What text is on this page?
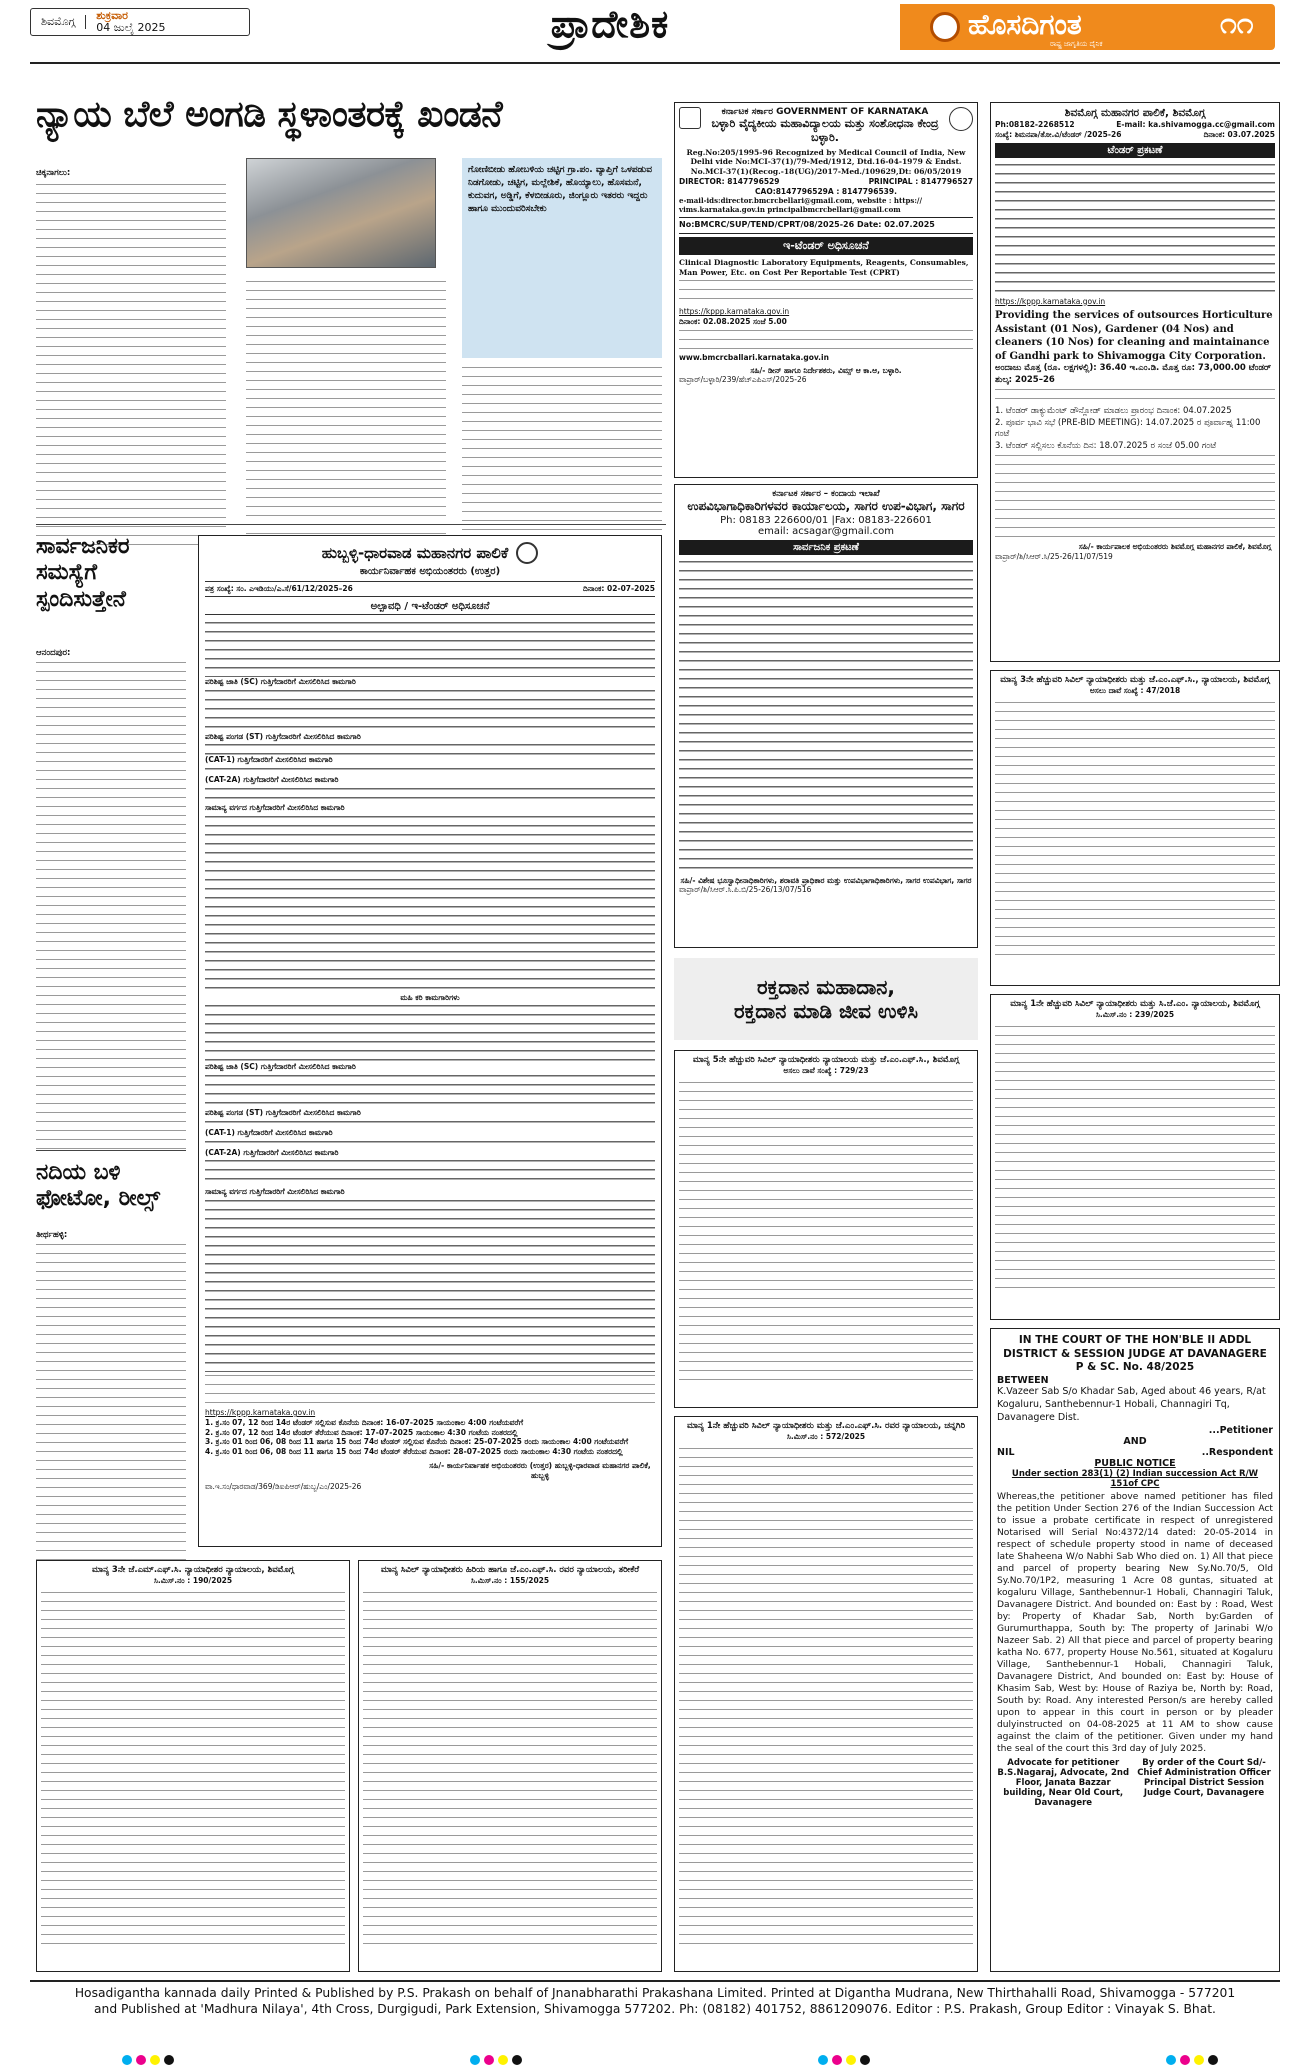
ಶಿವಮೊಗ್ಗ	ಶುಕ್ರವಾರ
04 ಜುಲೈ 2025	ಪ್ರಾದೇಶಿಕ	ಹೊಸದಿಗಂತ
ರಾಷ್ಟ್ರ ಜಾಗೃತಿಯ ದೈನಿಕ
೧೧
ನ್ಯಾಯ ಬೆಲೆ ಅಂಗಡಿ ಸ್ಥಳಾಂತರಕ್ಕೆ ಖಂಡನೆ
ಚಿಕ್ಕನಾಗಲು:	ಗೋಣಿಬೀಡು ಹೋಬಳಿಯ ಚಟ್ಟಿಗ ಗ್ರಾ.ಪಂ. ವ್ಯಾಪ್ತಿಗೆ ಒಳಪಡುವ ನಿಡಗೋಡು, ಚಟ್ಟಿಗ, ಮಲ್ಲೇಶಿಕೆ, ಹೊಯ್ಯಾಲು, ಹೊಸಮನೆ, ಕುದುವಗ, ಅಡ್ಡಿಗೆ, ಕೆಳಬೀಡೂರು, ಜಿಂಗ್ಲೂರು ಇತರರು ಇದ್ದರು ಹಾಗೂ ಮುಂದುವರಿಸಬೇಕು
ಸಾರ್ವಜನಿಕರ ಸಮಸ್ಯೆಗೆ ಸ್ಪಂದಿಸುತ್ತೇನೆ
ಆನಂದಪುರ:
ನದಿಯ ಬಳಿ ಫೋಟೋ, ರೀಲ್ಸ್
ತೀರ್ಥಹಳ್ಳಿ:
ಹುಬ್ಬಳ್ಳಿ-ಧಾರವಾಡ ಮಹಾನಗರ ಪಾಲಿಕೆ
ಕಾರ್ಯನಿರ್ವಾಹಕ ಅಭಿಯಂತರರು (ಉತ್ತರ)
ಪತ್ರ ಸಂಖ್ಯೆ: ಸಂ. ಎಇಡಿಯು/ಎ.ಸೆ/61/12/2025–26	ದಿನಾಂಕ: 02-07-2025
ಅಲ್ಪಾವಧಿ / ಇ-ಟೆಂಡರ್ ಅಧಿಸೂಚನೆ
ಪರಿಶಿಷ್ಟ ಜಾತಿ (SC) ಗುತ್ತಿಗೆದಾರರಿಗೆ ಮೀಸಲಿರಿಸಿದ ಕಾಮಗಾರಿ
ಪರಿಶಿಷ್ಟ ಪಂಗಡ (ST) ಗುತ್ತಿಗೆದಾರರಿಗೆ ಮೀಸಲಿರಿಸಿದ ಕಾಮಗಾರಿ
(CAT-1) ಗುತ್ತಿಗೆದಾರರಿಗೆ ಮೀಸಲಿರಿಸಿದ ಕಾಮಗಾರಿ
(CAT-2A) ಗುತ್ತಿಗೆದಾರರಿಗೆ ಮೀಸಲಿರಿಸಿದ ಕಾಮಗಾರಿ
ಸಾಮಾನ್ಯ ವರ್ಗದ ಗುತ್ತಿಗೆದಾರರಿಗೆ ಮೀಸಲಿರಿಸಿದ ಕಾಮಗಾರಿ
ಮಹಿ ಕರಿ ಕಾಮಗಾರಿಗಳು
ಪರಿಶಿಷ್ಟ ಜಾತಿ (SC) ಗುತ್ತಿಗೆದಾರರಿಗೆ ಮೀಸಲಿರಿಸಿದ ಕಾಮಗಾರಿ
ಪರಿಶಿಷ್ಟ ಪಂಗಡ (ST) ಗುತ್ತಿಗೆದಾರರಿಗೆ ಮೀಸಲಿರಿಸಿದ ಕಾಮಗಾರಿ
(CAT-1) ಗುತ್ತಿಗೆದಾರರಿಗೆ ಮೀಸಲಿರಿಸಿದ ಕಾಮಗಾರಿ
(CAT-2A) ಗುತ್ತಿಗೆದಾರರಿಗೆ ಮೀಸಲಿರಿಸಿದ ಕಾಮಗಾರಿ
ಸಾಮಾನ್ಯ ವರ್ಗದ ಗುತ್ತಿಗೆದಾರರಿಗೆ ಮೀಸಲಿರಿಸಿದ ಕಾಮಗಾರಿ
https://kppp.karnataka.gov.in
1. ಕ್ರ.ಸಂ 07, 12 ರಿಂದ 14ರ ಟೆಂಡರ್ ಸಲ್ಲಿಸುವ ಕೊನೆಯ ದಿನಾಂಕ: 16-07-2025 ಸಾಯಂಕಾಲ 4:00 ಗಂಟೆಯವರೆಗೆ
2. ಕ್ರ.ಸಂ 07, 12 ರಿಂದ 14ರ ಟೆಂಡರ್ ತೆರೆಯುವ ದಿನಾಂಕ: 17-07-2025 ಸಾಯಂಕಾಲ 4:30 ಗಂಟೆಯ ನಂತರದಲ್ಲಿ
3. ಕ್ರ.ಸಂ 01 ರಿಂದ 06, 08 ರಿಂದ 11 ಹಾಗೂ 15 ರಿಂದ 74ರ ಟೆಂಡರ್ ಸಲ್ಲಿಸುವ ಕೊನೆಯ ದಿನಾಂಕ: 25-07-2025 ರಂದು ಸಾಯಂಕಾಲ 4:00 ಗಂಟೆಯವರೆಗೆ
4. ಕ್ರ.ಸಂ 01 ರಿಂದ 06, 08 ರಿಂದ 11 ಹಾಗೂ 15 ರಿಂದ 74ರ ಟೆಂಡರ್ ತೆರೆಯುವ ದಿನಾಂಕ: 28-07-2025 ರಂದು ಸಾಯಂಕಾಲ 4:30 ಗಂಟೆಯ ನಂತರದಲ್ಲಿ
ಸಹಿ/- ಕಾರ್ಯನಿರ್ವಾಹಕ ಅಭಿಯಂತರರು (ಉತ್ತರ) ಹುಬ್ಬಳ್ಳಿ-ಧಾರವಾಡ ಮಹಾನಗರ ಪಾಲಿಕೆ, ಹುಬ್ಬಳ್ಳಿ
ವಾ.ಇ.ಸಂ/ಧಾರವಾಡ/369/ಡಿಐಪಿಆರ್/ಹುಬ್ಬ/ಎಂ/2025-26
ಕರ್ನಾಟಕ ಸರ್ಕಾರ GOVERNMENT OF KARNATAKA
ಬಳ್ಳಾರಿ ವೈದ್ಯಕೀಯ ಮಹಾವಿದ್ಯಾಲಯ ಮತ್ತು ಸಂಶೋಧನಾ ಕೇಂದ್ರ ಬಳ್ಳಾರಿ.
Reg.No:205/1995-96 Recognized by Medical Council of India, New Delhi vide No:MCI-37(1)/79-Med/1912, Dtd.16-04-1979 & Endst. No.MCI-37(1)(Recog.-18(UG)/2017-Med./109629,Dt: 06/05/2019
DIRECTOR: 8147796529	PRINCIPAL : 8147796527
CAO:8147796529A : 8147796539.
e-mail-ids:director.bmcrcbellari@gmail.com, website : https:// vims.karnataka.gov.in principalbmcrcbellari@gmail.com
No:BMCRC/SUP/TEND/CPRT/08/2025-26 Date: 02.07.2025
ಇ-ಟೆಂಡರ್ ಅಧಿಸೂಚನೆ
Clinical Diagnostic Laboratory Equipments, Reagents, Consumables, Man Power, Etc. on Cost Per Reportable Test (CPRT)
https://kppp.karnataka.gov.in
ದಿನಾಂಕ: 02.08.2025 ಸಂಜೆ 5.00
www.bmcrcballari.karnataka.gov.in
ಸಹಿ/- ಡೀನ್ ಹಾಗೂ ನಿರ್ದೇಶಕರು, ವಿಮ್ಸ್ ಆ ಕಾ.ಆ, ಬಳ್ಳಾರಿ.
ವಾಪ್ರಾರ್/ಬಳ್ಳಾರಿ/239/ಹೆಚ್ಎಪಿಎಸ್/2025-26
ಕರ್ನಾಟಕ ಸರ್ಕಾರ – ಕಂದಾಯ ಇಲಾಖೆ
ಉಪವಿಭಾಗಾಧಿಕಾರಿಗಳವರ ಕಾರ್ಯಾಲಯ, ಸಾಗರ ಉಪ-ವಿಭಾಗ, ಸಾಗರ
Ph: 08183 226600/01 |Fax: 08183-226601
email: acsagar@gmail.com
ಸಾರ್ವಜನಿಕ ಪ್ರಕಟಣೆ
ಸಹಿ/- ವಿಶೇಷ ಭೂಸ್ವಾಧೀನಾಧಿಕಾರಿಗಳು, ಶರಾವತಿ ಪ್ರಾಧಿಕಾರ ಮತ್ತು ಉಪವಿಭಾಗಾಧಿಕಾರಿಗಳು, ಸಾಗರ ಉಪವಿಭಾಗ, ಸಾಗರ
ವಾಪ್ರಾರ್/ಶಿ/ಸಿಆರ್.ಸಿ.ಪಿ.ಬಿ/25-26/13/07/516
ರಕ್ತದಾನ ಮಹಾದಾನ,
ರಕ್ತದಾನ ಮಾಡಿ ಜೀವ ಉಳಿಸಿ
ಶಿವಮೊಗ್ಗ ಮಹಾನಗರ ಪಾಲಿಕೆ, ಶಿವಮೊಗ್ಗ
Ph:08182-2268512	E-mail: ka.shivamogga.cc@gmail.com
ಸಂಖ್ಯೆ: ಶಿಮನಪಾ/ತೋ.ವಿ/ಟೆಂಡರ್ /2025-26	ದಿನಾಂಕ: 03.07.2025
ಟೆಂಡರ್ ಪ್ರಕಟಣೆ
https://kppp.karnataka.gov.in
Providing the services of outsources Horticulture Assistant (01 Nos), Gardener (04 Nos) and cleaners (10 Nos) for cleaning and maintainance of Gandhi park to Shivamogga City Corporation.
ಅಂದಾಜು ಮೊತ್ತ (ರೂ. ಲಕ್ಷಗಳಲ್ಲಿ): 36.40 ಇ.ಎಂ.ಡಿ. ಮೊತ್ತ ರೂ: 73,000.00 ಟೆಂಡರ್ ಶುಲ್ಕ: 2025–26
1. ಟೆಂಡರ್ ಡಾಕ್ಯುಮೆಂಟ್ ಡೌನ್ಲೋಡ್ ಮಾಡಲು ಪ್ರಾರಂಭ ದಿನಾಂಕ: 04.07.2025
2. ಪೂರ್ವ ಭಾವಿ ಸಭೆ (PRE-BID MEETING): 14.07.2025 ರ ಪೂರ್ವಾಹ್ನ 11:00 ಗಂಟೆ
3. ಟೆಂಡರ್ ಸಲ್ಲಿಸಲು ಕೊನೆಯ ದಿನ: 18.07.2025 ರ ಸಂಜೆ 05.00 ಗಂಟೆ
ಸಹಿ/- ಕಾರ್ಯಪಾಲಕ ಅಭಿಯಂತರರು ಶಿವಮೊಗ್ಗ ಮಹಾನಗರ ಪಾಲಿಕೆ, ಶಿವಮೊಗ್ಗ
ವಾಪ್ರಾರ್/ಶಿ/ಸಿಆರ್.ಸಿ/25-26/11/07/519
ಮಾನ್ಯ 3ನೇ ಹೆಚ್ಚುವರಿ ಸಿವಿಲ್ ನ್ಯಾಯಾಧೀಶರು ಮತ್ತು ಜೆ.ಎಂ.ಎಫ್.ಸಿ., ನ್ಯಾಯಾಲಯ, ಶಿವಮೊಗ್ಗ
ಅಸಲು ದಾವೆ ಸಂಖ್ಯೆ : 47/2018
ಮಾನ್ಯ 1ನೇ ಹೆಚ್ಚುವರಿ ಸಿವಿಲ್ ನ್ಯಾಯಾಧೀಶರು ಮತ್ತು ಸಿ.ಜೆ.ಎಂ. ನ್ಯಾಯಾಲಯ, ಶಿವಮೊಗ್ಗ
ಸಿ.ಮಿಸ್.ನಂ : 239/2025
ಮಾನ್ಯ 5ನೇ ಹೆಚ್ಚುವರಿ ಸಿವಿಲ್ ನ್ಯಾಯಾಧೀಶರು ನ್ಯಾಯಾಲಯ ಮತ್ತು ಜೆ.ಎಂ.ಎಫ್.ಸಿ., ಶಿವಮೊಗ್ಗ
ಅಸಲು ದಾವೆ ಸಂಖ್ಯೆ : 729/23
ಮಾನ್ಯ 1ನೇ ಹೆಚ್ಚುವರಿ ಸಿವಿಲ್ ನ್ಯಾಯಾಧೀಶರು ಮತ್ತು ಜೆ.ಎಂ.ಎಫ್.ಸಿ. ರವರ ನ್ಯಾಯಾಲಯ, ಚನ್ನಗಿರಿ
ಸಿ.ಮಿಸ್.ನಂ : 572/2025
ಮಾನ್ಯ 3ನೇ ಜೆ.ಎಮ್.ಎಫ್.ಸಿ. ನ್ಯಾಯಾಧೀಶರ ನ್ಯಾಯಾಲಯ, ಶಿವಮೊಗ್ಗ
ಸಿ.ಮಿಸ್.ನಂ : 190/2025
ಮಾನ್ಯ ಸಿವಿಲ್ ನ್ಯಾಯಾಧೀಶರು ಹಿರಿಯ ಹಾಗೂ ಜೆ.ಎಂ.ಎಫ್.ಸಿ. ರವರ ನ್ಯಾಯಾಲಯ, ತರೀಕೆರೆ
ಸಿ.ಮಿಸ್.ನಂ : 155/2025
IN THE COURT OF THE HON'BLE II ADDL DISTRICT & SESSION JUDGE AT DAVANAGERE
P & SC. No. 48/2025
BETWEEN
K.Vazeer Sab S/o Khadar Sab, Aged about 46 years, R/at Kogaluru, Santhebennur-1 Hobali, Channagiri Tq, Davanagere Dist.
...Petitioner
AND
NIL	..Respondent
PUBLIC NOTICE
Under section 283(1) (2) Indian succession Act R/W 151of CPC
Whereas,the petitioner above named petitioner has filed the petition Under Section 276 of the Indian Succession Act to issue a probate certificate in respect of unregistered Notarised will Serial No:4372/14 dated: 20-05-2014 in respect of schedule property stood in name of deceased late Shaheena W/o Nabhi Sab Who died on. 1) All that piece and parcel of property bearing New Sy.No.70/5, Old Sy.No.70/1P2, measuring 1 Acre 08 guntas, situated at kogaluru Village, Santhebennur-1 Hobali, Channagiri Taluk, Davanagere District. And bounded on: East by : Road, West by: Property of Khadar Sab, North by:Garden of Gurumurthappa, South by: The property of Jarinabi W/o Nazeer Sab. 2) All that piece and parcel of property bearing katha No. 677, property House No.561, situated at Kogaluru Village, Santhebennur-1 Hobali, Channagiri Taluk, Davanagere District, And bounded on: East by: House of Khasim Sab, West by: House of Raziya be, North by: Road, South by: Road. Any interested Person/s are hereby called upon to appear in this court in person or by pleader dulyinstructed on 04-08-2025 at 11 AM to show cause against the claim of the petitioner. Given under my hand the seal of the court this 3rd day of July 2025.
Advocate for petitioner B.S.Nagaraj, Advocate, 2nd Floor, Janata Bazzar building, Near Old Court, Davanagere
By order of the Court Sd/- Chief Administration Officer Principal District Session Judge Court, Davanagere
Hosadigantha kannada daily Printed & Published by P.S. Prakash on behalf of Jnanabharathi Prakashana Limited. Printed at Digantha Mudrana, New Thirthahalli Road, Shivamogga - 577201
and Published at 'Madhura Nilaya', 4th Cross, Durgigudi, Park Extension, Shivamogga 577202. Ph: (08182) 401752, 8861209076. Editor : P.S. Prakash, Group Editor : Vinayak S. Bhat.
